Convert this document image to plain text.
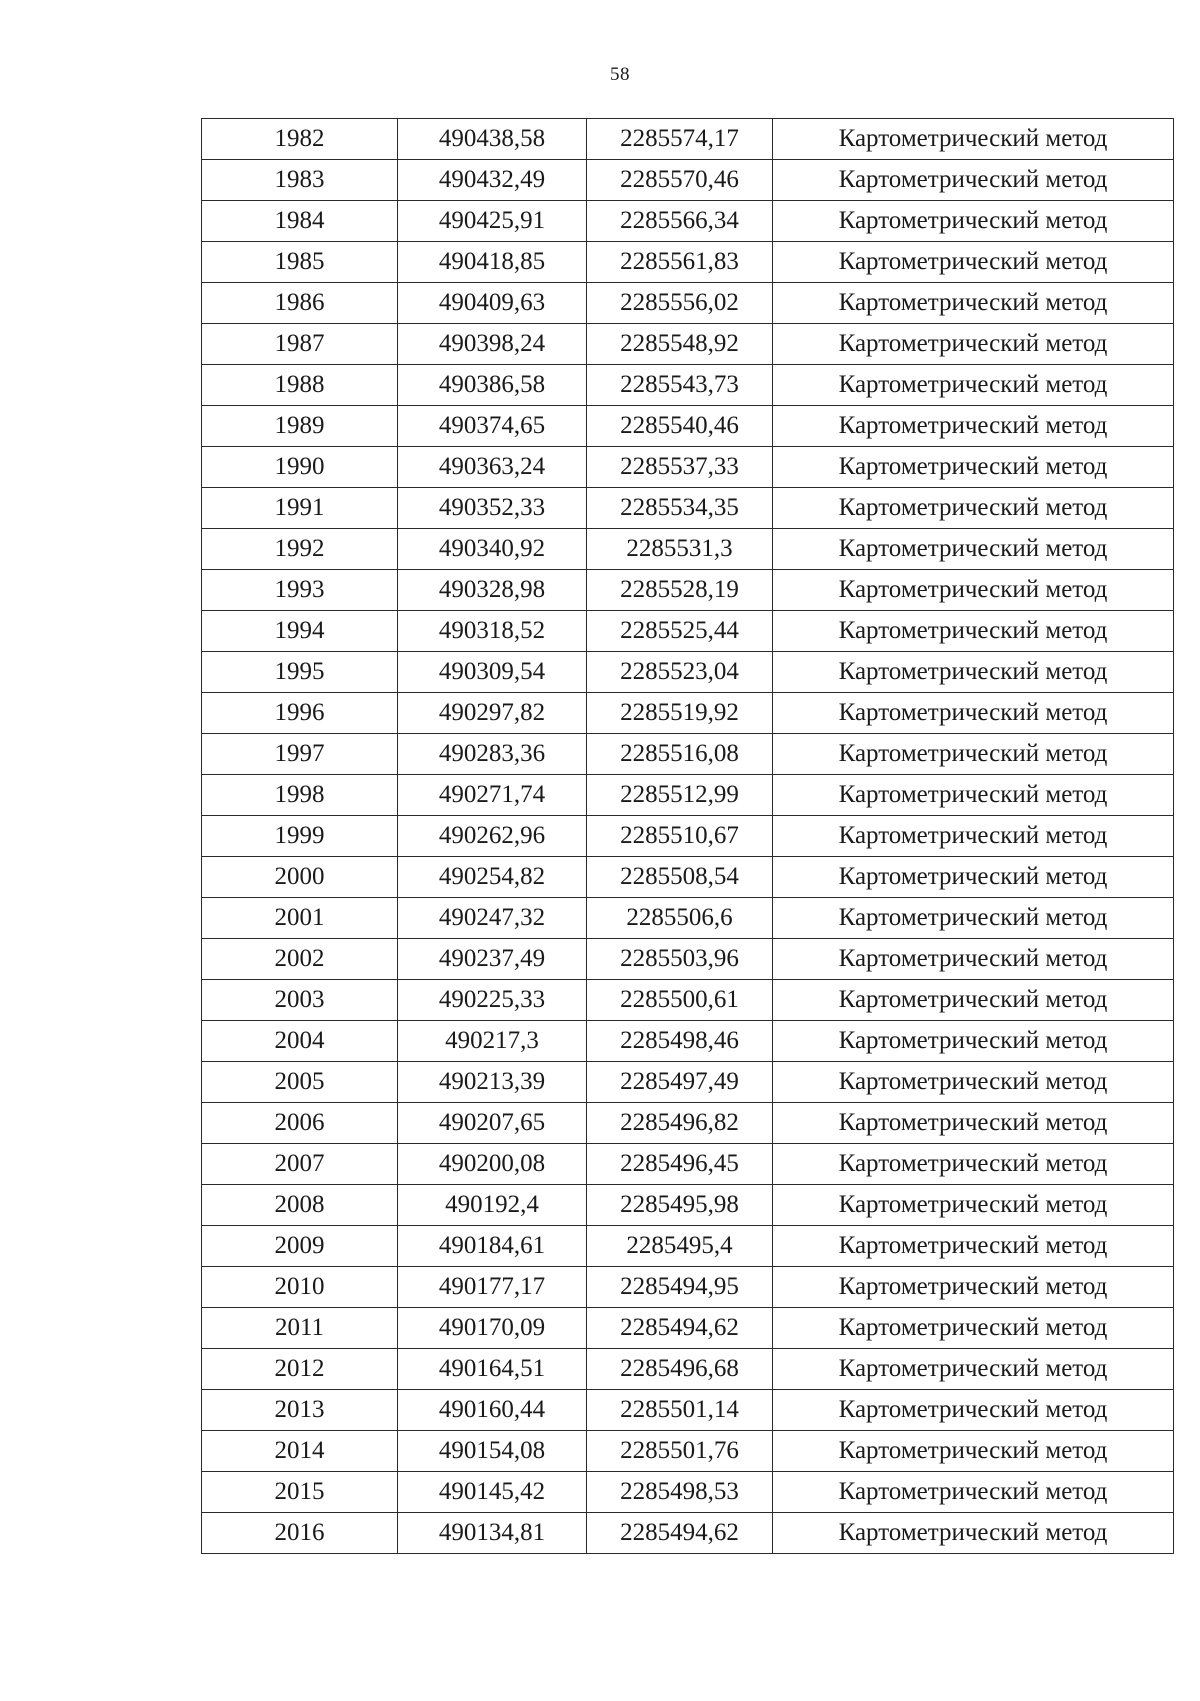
58
1982	490438,58	2285574,17	Картометрический метод
1983	490432,49	2285570,46	Картометрический метод
1984	490425,91	2285566,34	Картометрический метод
1985	490418,85	2285561,83	Картометрический метод
1986	490409,63	2285556,02	Картометрический метод
1987	490398,24	2285548,92	Картометрический метод
1988	490386,58	2285543,73	Картометрический метод
1989	490374,65	2285540,46	Картометрический метод
1990	490363,24	2285537,33	Картометрический метод
1991	490352,33	2285534,35	Картометрический метод
1992	490340,92	2285531,3	Картометрический метод
1993	490328,98	2285528,19	Картометрический метод
1994	490318,52	2285525,44	Картометрический метод
1995	490309,54	2285523,04	Картометрический метод
1996	490297,82	2285519,92	Картометрический метод
1997	490283,36	2285516,08	Картометрический метод
1998	490271,74	2285512,99	Картометрический метод
1999	490262,96	2285510,67	Картометрический метод
2000	490254,82	2285508,54	Картометрический метод
2001	490247,32	2285506,6	Картометрический метод
2002	490237,49	2285503,96	Картометрический метод
2003	490225,33	2285500,61	Картометрический метод
2004	490217,3	2285498,46	Картометрический метод
2005	490213,39	2285497,49	Картометрический метод
2006	490207,65	2285496,82	Картометрический метод
2007	490200,08	2285496,45	Картометрический метод
2008	490192,4	2285495,98	Картометрический метод
2009	490184,61	2285495,4	Картометрический метод
2010	490177,17	2285494,95	Картометрический метод
2011	490170,09	2285494,62	Картометрический метод
2012	490164,51	2285496,68	Картометрический метод
2013	490160,44	2285501,14	Картометрический метод
2014	490154,08	2285501,76	Картометрический метод
2015	490145,42	2285498,53	Картометрический метод
2016	490134,81	2285494,62	Картометрический метод
